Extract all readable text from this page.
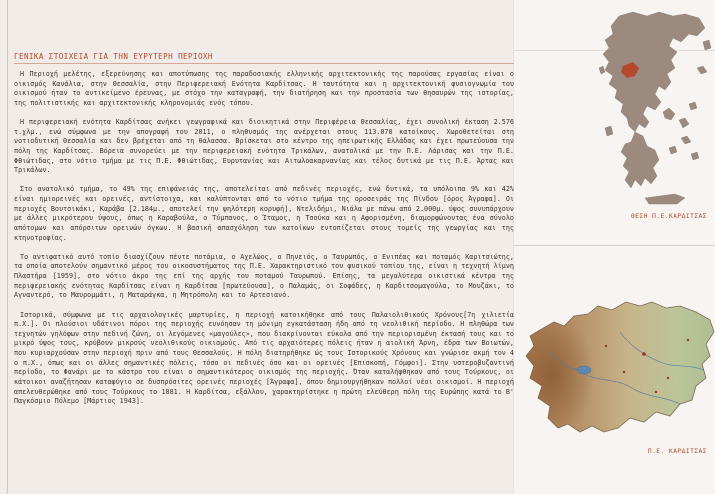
ΓΕΝΙΚΑ ΣΤΟΙΧΕΙΑ ΓΙΑ ΤΗΝ ΕΥΡΥΤΕΡΗ ΠΕΡΙΟΧΗ

Η Περιοχή μελέτης, εξερεύνησης και αποτύπωσης της παραδοσιακής ελληνικής αρχιτεκτονικής της παρούσας εργασίας είναι ο οικισμός Κανάλια, στην Θεσσαλία, στην Περιφερειακή Ενότητα Καρδίτσας. Η ταυτότητα και η αρχιτεκτονική φυσιογνωμία του οικισμού ήταν το αντικείμενο έρευνας, με στόχο την καταγραφή, την διατήρηση και την προστασία των θησαυρών της ιστορίας, της πολιτιστικής και αρχιτεκτονικής κληρονομιάς ενός τόπου.

Η περιφερειακή ενότητα Καρδίτσας ανήκει γεωγραφικά και διοικητικά στην Περιφέρεια Θεσσαλίας, έχει συνολική έκταση 2.576 τ.χλμ., ενώ σύμφωνα με την απογραφή του 2011, ο πληθυσμός της ανέρχεται στους 113.070 κατοίκους. Χωροθετείται στη νοτιοδυτική Θεσσαλία και δεν βρέχεται από τη θάλασσα. Βρίσκεται στο κέντρο της ηπειρωτικής Ελλάδας και έχει πρωτεύουσα την πόλη της Καρδίτσας. Βόρεια συνορεύει με την περιφερειακή ενότητα Τρικάλων, ανατολικά με την Π.Ε. Λάρισας και την Π.Ε. Φθιώτιδας, στο νότιο τμήμα με τις Π.Ε. Φθιώτιδας, Ευρυτανίας και Αιτωλοακαρνανίας και τέλος δυτικά με τις Π.Ε. Άρτας και Τρικάλων.

Στο ανατολικό τμήμα, το 49% της επιφάνειάς της, αποτελείται από πεδινές περιοχές, ενώ δυτικά, τα υπόλοιπα 9% και 42% είναι ημιορεινές και ορεινές, αντίστοιχα, και καλύπτονται από το νότιο τμήμα της οροσειράς της Πίνδου [όρος Άγραφα]. Οι περιοχές Βουτσικάκι, Καράβα [2.184μ., αποτελεί την ψηλότερη κορυφή], Ντελιδήμι, Νιάλα με πάνω από 2.000μ. ύψος συνυπάρχουν με άλλες μικρότερου ύψους, όπως η Καραβούλα, ο Τύμπανος, ο Ίταμος, η Τσούκα και η Αφορισμένη, διαμορφώνοντας ένα σύνολο απότομων και απόρσιτων ορεινών όγκων. Η βασική απασχόληση των κατοίκων εντοπίζεται στους τομείς της γεωργίας και της κτηνοτροφίας.

Το αντιφατικό αυτό τοπίο διασχίζουν πέντε ποτάμια, ο Αχελώος, ο Πηνειός, ο Ταυρωπός, ο Ενιπέας και ποταμός Καριτσιώτης, τα οποία αποτελούν σημαντικό μέρος του οικοσυστήματος της Π.Ε. Χαρακτηριστικό του φυσικού τοπίου της, είναι η τεχνητή λίμνη Πλαστήρα [1959], στο νότιο άκρο της επί της αρχής του ποταμού Ταυρωπού. Επίσης, τα μεγαλύτερα οικιστικά κέντρα της περιφερειακής ενότητας Καρδίτσας είναι η Καρδίτσα [πρωτεύουσα], ο Παλαμάς, οι Σοφάδες, η Καρδιτσομαγούλα, το Μουζάκι, το Αγναντερό, το Μαυρομμάτι, η Ματαράγκα, η Μητρόπολη και το Αρτεσιανό.

Ιστορικά, σύμφωνα με τις αρχαιολογικές μαρτυρίες, η περιοχή κατοικήθηκε από τους Παλαιολιθικούς Χρόνους[7η χιλιετία π.Χ.]. Οι πλούσιοι υδάτινοι πόροι της περιοχής ευνόησαν τη μόνιμη εγκατάσταση ήδη από τη νεολιθική περίοδο. Η πληθώρα των τεχνητών γηλόφων στην πεδινή ζώνη, οι λεγόμενες «μαγούλες», που διακρίνονται εύκολα από την περιορισμένη έκτασή τους και το μικρό ύψος τους, κρύβουν μικρούς νεολιθικούς οικισμούς. Από τις αρχαιότερες πόλεις ήταν η αιολική Άρνη, έδρα των Βοιωτών, που κυριαρχούσαν στην περιοχή πριν από τους Θεσσαλούς. Η πόλη διατηρήθηκε ώς τους Ιστορικούς Χρόνους και γνώρισε ακμή τον 4 ο π.Χ., όπως και οι άλλες σημαντικές πόλεις, τόσο οι πεδινές όσο και οι ορεινές [Επισκοπή, Γόμφοι]. Στην υστεροβυζαντινή περίοδο, το Φανάρι με το κάστρο του είναι ο σημαντικότερος οικισμός της περιοχής. Όταν καταλήφθηκαν από τους Τούρκους, οι κάτοικοι αναζήτησαν καταφύγιο σε δυσπρόσιτες ορεινές περιοχές [Άγραφα], όπου δημιουργήθηκαν πολλοί νέοι οικισμοί. Η περιοχή απελευθερώθηκε από τους Τούρκους το 1881. Η Καρδίτσα, εξάλλου, χαρακτηρίστηκε η πρώτη ελεύθερη πόλη της Ευρώπης κατά το Β' Παγκόσμιο Πόλεμο [Μάρτιος 1943].

ΘΕΣΗ Π.Ε.ΚΑΡΔΙΤΣΑΣ
Π.Ε. ΚΑΡΔΙΤΣΑΣ
